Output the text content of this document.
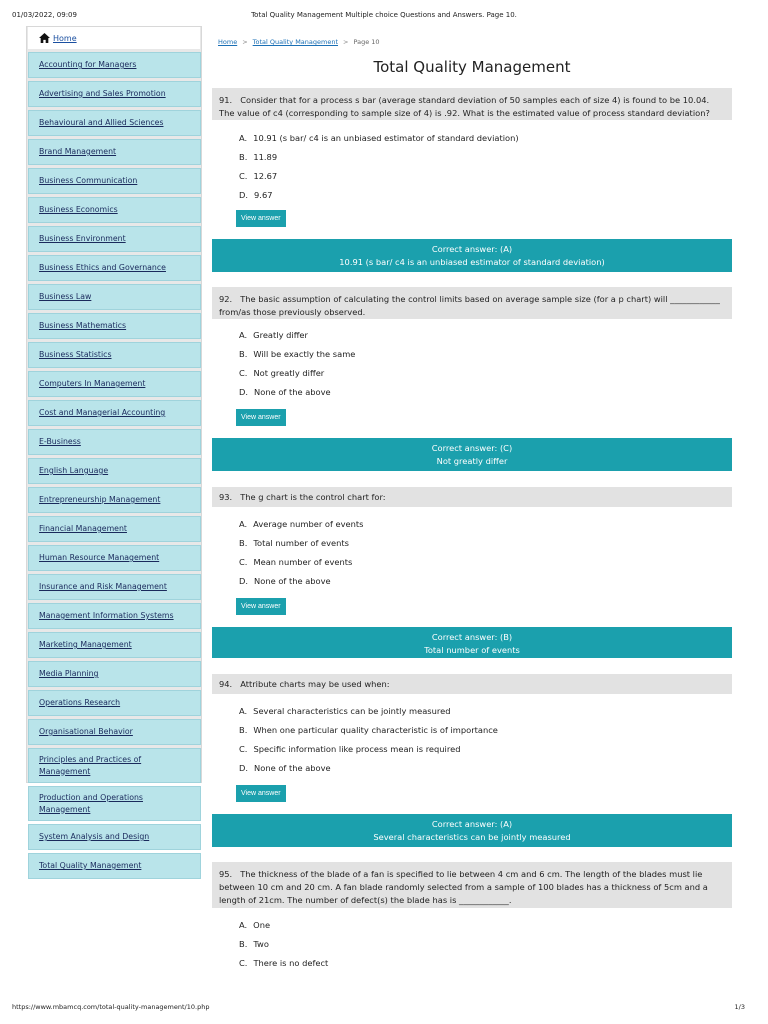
01/03/2022, 09:09	Total Quality Management Multiple choice Questions and Answers. Page 10.
Home
Accounting for Managers
Advertising and Sales Promotion
Behavioural and Allied Sciences
Brand Management
Business Communication
Business Economics
Business Environment
Business Ethics and Governance
Business Law
Business Mathematics
Business Statistics
Computers In Management
Cost and Managerial Accounting
E-Business
English Language
Entrepreneurship Management
Financial Management
Human Resource Management
Insurance and Risk Management
Management Information Systems
Marketing Management
Media Planning
Operations Research
Organisational Behavior
Principles and Practices of Management
Production and Operations Management
System Analysis and Design
Total Quality Management
Home > Total Quality Management > Page 10
Total Quality Management
91. Consider that for a process s bar (average standard deviation of 50 samples each of size 4) is found to be 10.04. The value of c4 (corresponding to sample size of 4) is .92. What is the estimated value of process standard deviation?
A. 10.91 (s bar/ c4 is an unbiased estimator of standard deviation)
B. 11.89
C. 12.67
D. 9.67
View answer
Correct answer: (A)
10.91 (s bar/ c4 is an unbiased estimator of standard deviation)
92. The basic assumption of calculating the control limits based on average sample size (for a p chart) will ____________ from/as those previously observed.
A. Greatly differ
B. Will be exactly the same
C. Not greatly differ
D. None of the above
View answer
Correct answer: (C)
Not greatly differ
93. The g chart is the control chart for:
A. Average number of events
B. Total number of events
C. Mean number of events
D. None of the above
View answer
Correct answer: (B)
Total number of events
94. Attribute charts may be used when:
A. Several characteristics can be jointly measured
B. When one particular quality characteristic is of importance
C. Specific information like process mean is required
D. None of the above
View answer
Correct answer: (A)
Several characteristics can be jointly measured
95. The thickness of the blade of a fan is specified to lie between 4 cm and 6 cm. The length of the blades must lie between 10 cm and 20 cm. A fan blade randomly selected from a sample of 100 blades has a thickness of 5cm and a length of 21cm. The number of defect(s) the blade has is ____________.
A. One
B. Two
C. There is no defect
https://www.mbamcq.com/total-quality-management/10.php	1/3
